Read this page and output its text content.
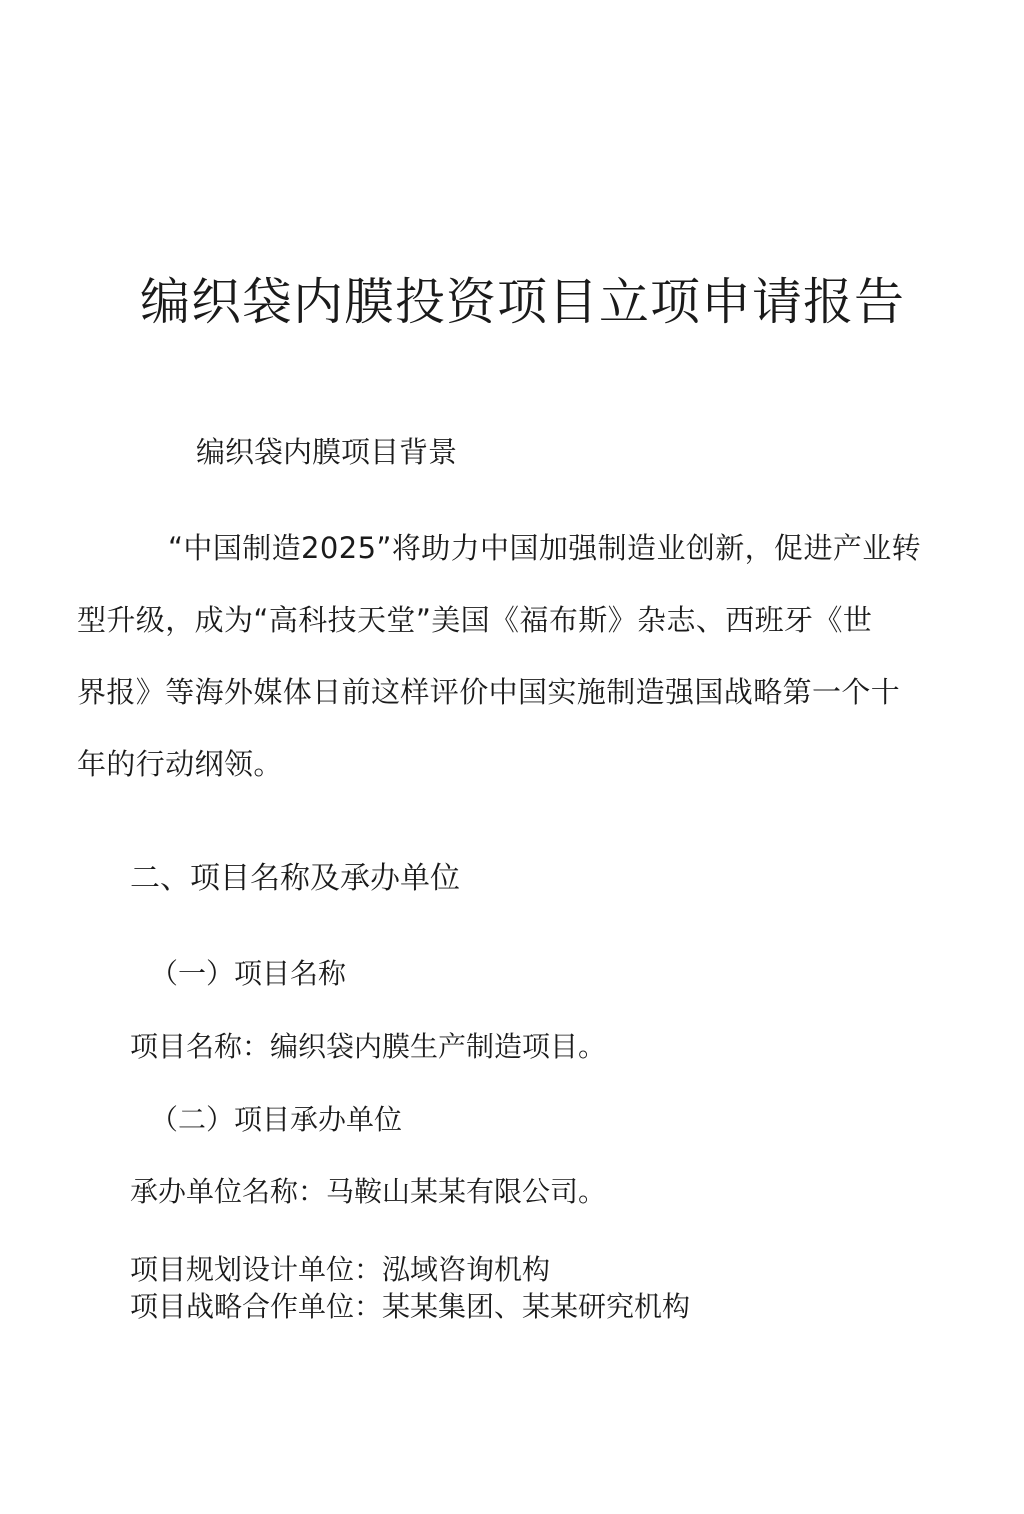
编织袋内膜投资项目立项申请报告

编织袋内膜项目背景

“中国制造2025”将助力中国加强制造业创新，促进产业转

型升级，成为“高科技天堂”美国《福布斯》杂志、西班牙《世

界报》等海外媒体日前这样评价中国实施制造强国战略第一个十

年的行动纲领。

二、项目名称及承办单位
（一）项目名称

项目名称：编织袋内膜生产制造项目。

（二）项目承办单位

承办单位名称：马鞍山某某有限公司。

项目规划设计单位：泓域咨询机构

项目战略合作单位：某某集团、某某研究机构
